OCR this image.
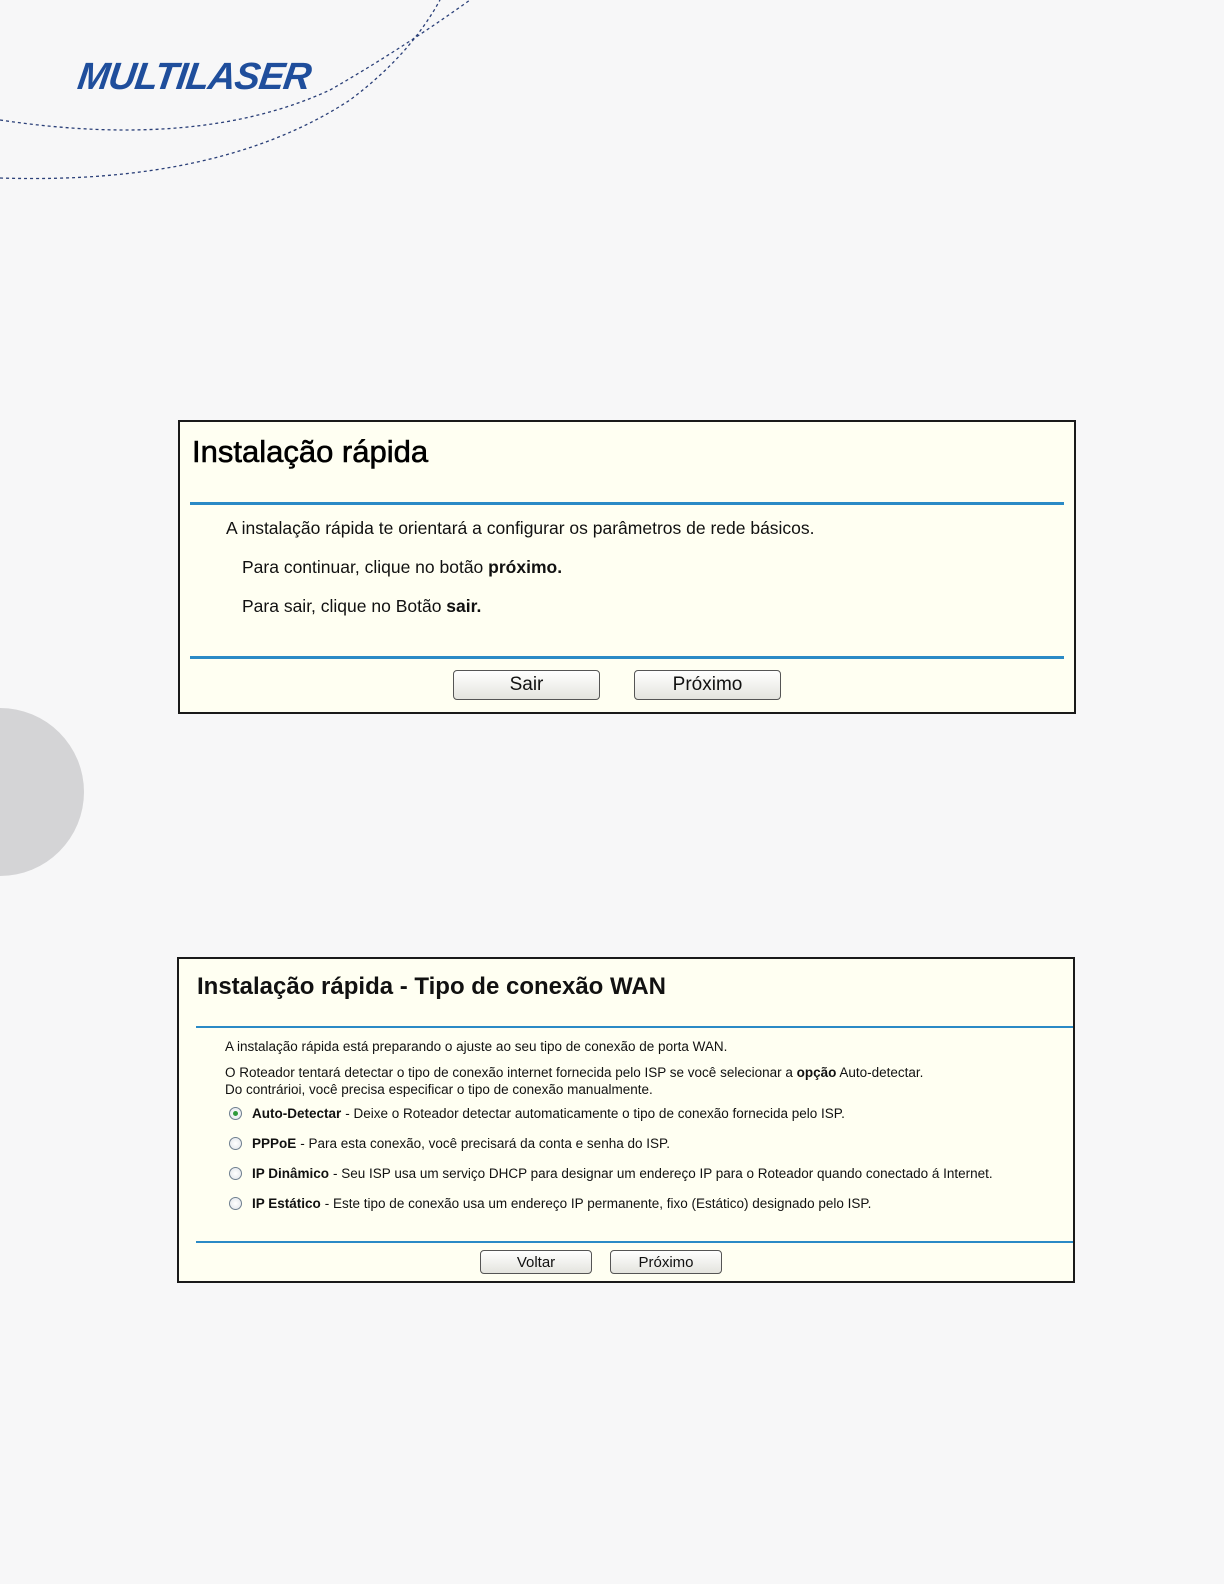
MULTILASER
Instalação rápida
A instalação rápida te orientará a configurar os parâmetros de rede básicos.
Para continuar, clique no botão próximo.
Para sair, clique no Botão sair.
Sair	Próximo
Instalação rápida - Tipo de conexão WAN
A instalação rápida está preparando o ajuste ao seu tipo de conexão de porta WAN.
O Roteador tentará detectar o tipo de conexão internet fornecida pelo ISP se você selecionar a opção Auto-detectar.
Do contrárioi, você precisa especificar o tipo de conexão manualmente.
Auto-Detectar - Deixe o Roteador detectar automaticamente o tipo de conexão fornecida pelo ISP.
PPPoE - Para esta conexão, você precisará da conta e senha do ISP.
IP Dinâmico - Seu ISP usa um serviço DHCP para designar um endereço IP para o Roteador quando conectado á Internet.
IP Estático - Este tipo de conexão usa um endereço IP permanente, fixo (Estático) designado pelo ISP.
Voltar	Próximo
